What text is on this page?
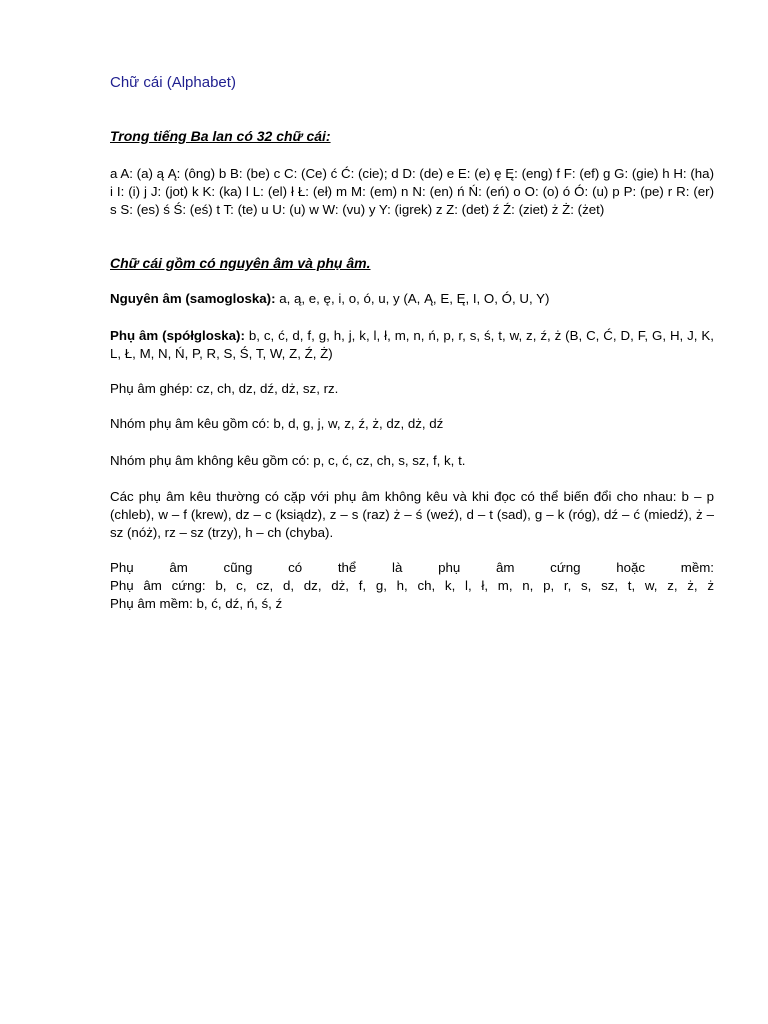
Chữ cái (Alphabet)
Trong tiếng Ba lan có 32 chữ cái:

a A: (a) ą Ą: (ông) b B: (be) c C: (Ce) ć Ć: (cie); d D: (de) e E: (e) ę Ę: (eng) f F: (ef) g G: (gie) h H: (ha) i I: (i) j J: (jot) k K: (ka) l L: (el) ł Ł: (eł) m M: (em) n N: (en) ń Ń: (eń) o O: (o) ó Ó: (u) p P: (pe) r R: (er) s S: (es) ś Ś: (eś) t T: (te) u U: (u) w W: (vu) y Y: (igrek) z Z: (det) ź Ź: (ziet) ż Ż: (żet)

Chữ cái gồm có nguyên âm và phụ âm.

Nguyên âm (samogloska): a, ą, e, ę, i, o, ó, u, y (A, Ą, E, Ę, I, O, Ó, U, Y)

Phụ âm (spółgloska): b, c, ć, d, f, g, h, j, k, l, ł, m, n, ń, p, r, s, ś, t, w, z, ź, ż (B, C, Ć, D, F, G, H, J, K, L, Ł, M, N, Ń, P, R, S, Ś, T, W, Z, Ź, Ż)

Phụ âm ghép: cz, ch, dz, dź, dż, sz, rz.

Nhóm phụ âm kêu gồm có: b, d, g, j, w, z, ź, ż, dz, dż, dź

Nhóm phụ âm không kêu gồm có: p, c, ć, cz, ch, s, sz, f, k, t.

Các phụ âm kêu thường có cặp với phụ âm không kêu và khi đọc có thể biến đổi cho nhau: b – p (chleb), w – f (krew), dz – c (ksiądz), z – s (raz) ż – ś (weź), d – t (sad), g – k (róg), dź – ć (miedź), ż – sz (nóż), rz – sz (trzy), h – ch (chyba).

Phụ âm cũng có thể là phụ âm cứng hoặc mềm:
Phụ âm cứng: b, c, cz, d, dz, dż, f, g, h, ch, k, l, ł, m, n, p, r, s, sz, t, w, z, ż, ż
Phụ âm mềm: b, ć, dź, ń, ś, ź
